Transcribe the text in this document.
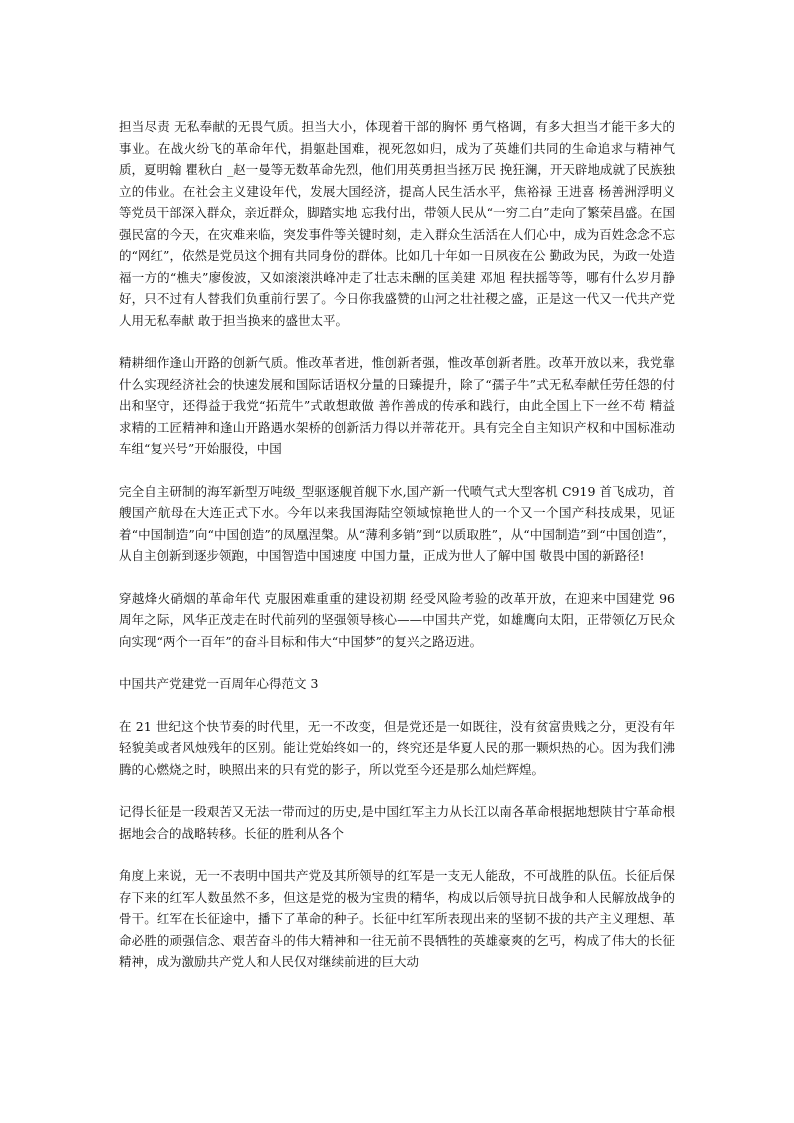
担当尽责 无私奉献的无畏气质。担当大小，体现着干部的胸怀 勇气格调，有多大担当才能干多大的事业。在战火纷飞的革命年代，捐躯赴国难，视死忽如归，成为了英雄们共同的生命追求与精神气质，夏明翰 瞿秋白 _赵一曼等无数革命先烈，他们用英勇担当拯万民 挽狂澜，开天辟地成就了民族独立的伟业。在社会主义建设年代，发展大国经济，提高人民生活水平，焦裕禄 王进喜 杨善洲浮明义等党员干部深入群众，亲近群众，脚踏实地 忘我付出，带领人民从“一穷二白”走向了繁荣昌盛。在国强民富的今天，在灾难来临，突发事件等关键时刻，走入群众生活活在人们心中，成为百姓念念不忘的“网红”，依然是党员这个拥有共同身份的群体。比如几十年如一日夙夜在公 勤政为民，为政一处造福一方的“樵夫”廖俊波，又如滚滚洪峰冲走了壮志未酬的匡美建 邓旭 程扶摇等等，哪有什么岁月静好，只不过有人替我们负重前行罢了。今日你我盛赞的山河之壮社稷之盛，正是这一代又一代共产党人用无私奉献 敢于担当换来的盛世太平。

精耕细作逢山开路的创新气质。惟改革者进，惟创新者强，惟改革创新者胜。改革开放以来，我党靠什么实现经济社会的快速发展和国际话语权分量的日臻提升，除了“孺子牛”式无私奉献任劳任怨的付出和坚守，还得益于我党“拓荒牛”式敢想敢做 善作善成的传承和践行，由此全国上下一丝不苟 精益求精的工匠精神和逢山开路遇水架桥的创新活力得以并蒂花开。具有完全自主知识产权和中国标准动车组“复兴号”开始服役，中国

完全自主研制的海军新型万吨级_型驱逐舰首舰下水,国产新一代喷气式大型客机 C919 首飞成功，首艘国产航母在大连正式下水。今年以来我国海陆空领域惊艳世人的一个又一个国产科技成果，见证着“中国制造”向“中国创造”的凤凰涅槃。从“薄利多销”到“以质取胜”，从“中国制造”到“中国创造”，从自主创新到逐步领跑，中国智造中国速度 中国力量，正成为世人了解中国 敬畏中国的新路径!

穿越烽火硝烟的革命年代 克服困难重重的建设初期 经受风险考验的改革开放，在迎来中国建党 96 周年之际，风华正茂走在时代前列的坚强领导核心——中国共产党，如雄鹰向太阳，正带领亿万民众向实现“两个一百年”的奋斗目标和伟大“中国梦”的复兴之路迈进。

中国共产党建党一百周年心得范文 3

在 21 世纪这个快节奏的时代里，无一不改变，但是党还是一如既往，没有贫富贵贱之分，更没有年轻貌美或者风烛残年的区别。能让党始终如一的，终究还是华夏人民的那一颗炽热的心。因为我们沸腾的心燃烧之时，映照出来的只有党的影子，所以党至今还是那么灿烂辉煌。

记得长征是一段艰苦又无法一带而过的历史,是中国红军主力从长江以南各革命根据地想陕甘宁革命根据地会合的战略转移。长征的胜利从各个

角度上来说，无一不表明中国共产党及其所领导的红军是一支无人能敌，不可战胜的队伍。长征后保存下来的红军人数虽然不多，但这是党的极为宝贵的精华，构成以后领导抗日战争和人民解放战争的骨干。红军在长征途中，播下了革命的种子。长征中红军所表现出来的坚韧不拔的共产主义理想、革命必胜的顽强信念、艰苦奋斗的伟大精神和一往无前不畏牺牲的英雄豪爽的乞丐，构成了伟大的长征精神，成为激励共产党人和人民仅对继续前进的巨大动
